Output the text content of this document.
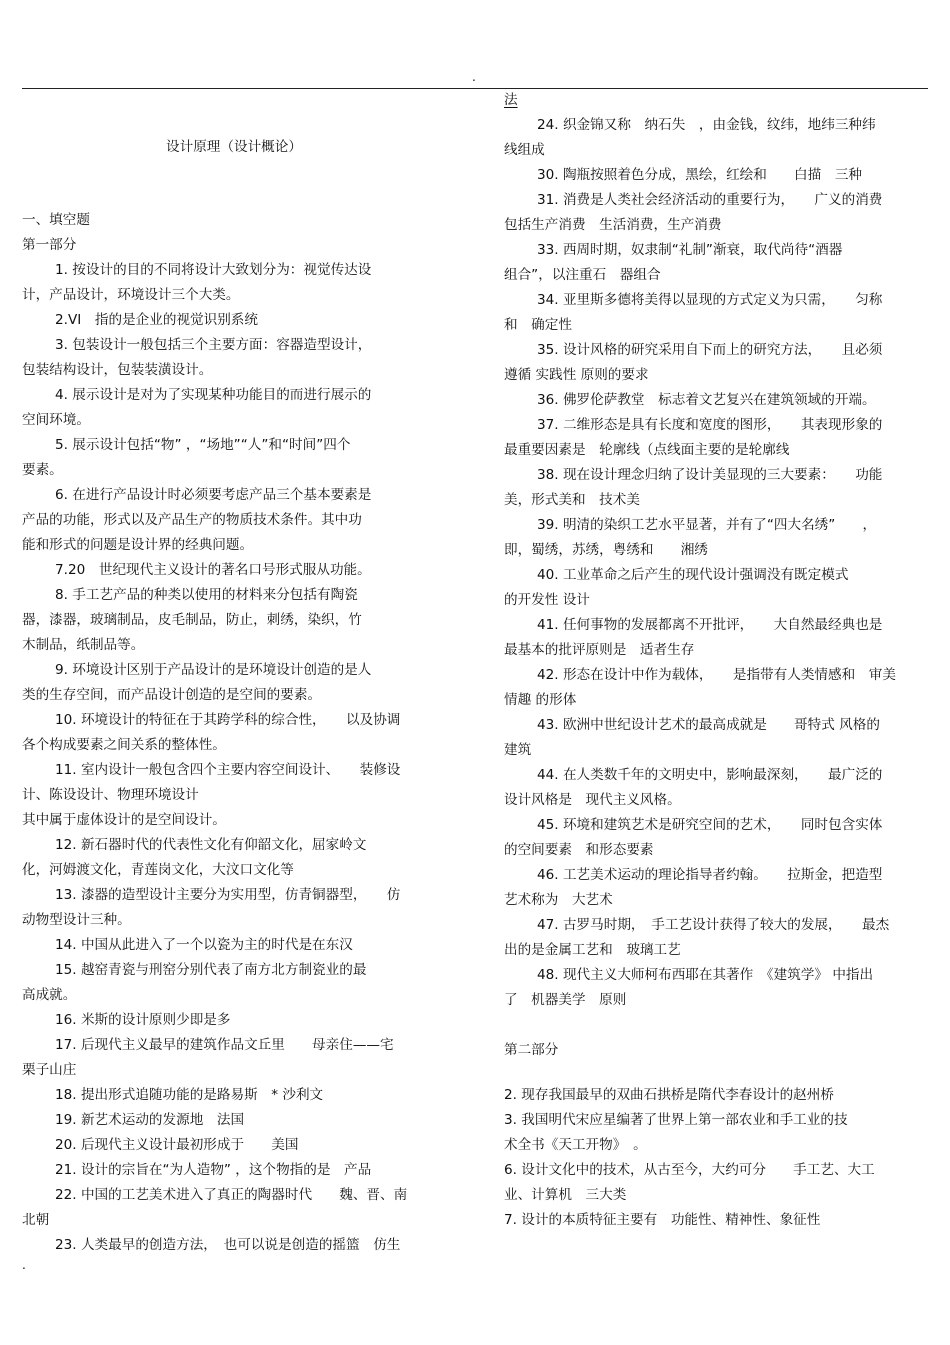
.
.
设计原理（设计概论）
一、填空题
第一部分
1. 按设计的目的不同将设计大致划分为：视觉传达设
计，产品设计，环境设计三个大类。
2.VI　指的是企业的视觉识别系统
3. 包装设计一般包括三个主要方面：容器造型设计，
包装结构设计，包装装潢设计。
4. 展示设计是对为了实现某种功能目的而进行展示的
空间环境。
5. 展示设计包括“物” ，“场地”“人”和“时间”四个
要素。
6. 在进行产品设计时必须要考虑产品三个基本要素是
产品的功能，形式以及产品生产的物质技术条件。其中功
能和形式的问题是设计界的经典问题。
7.20　世纪现代主义设计的著名口号形式服从功能。
8. 手工艺产品的种类以使用的材料来分包括有陶瓷
器，漆器，玻璃制品，皮毛制品，防止，刺绣，染织，竹
木制品，纸制品等。
9. 环境设计区别于产品设计的是环境设计创造的是人
类的生存空间，而产品设计创造的是空间的要素。
10. 环境设计的特征在于其跨学科的综合性，　　以及协调
各个构成要素之间关系的整体性。
11. 室内设计一般包含四个主要内容空间设计、　　装修设
计、陈设设计、物理环境设计
其中属于虚体设计的是空间设计。
12. 新石器时代的代表性文化有仰韶文化，屈家岭文
化，河姆渡文化，青莲岗文化，大汶口文化等
13. 漆器的造型设计主要分为实用型，仿青铜器型，　　仿
动物型设计三种。
14. 中国从此进入了一个以瓷为主的时代是在东汉
15. 越窑青瓷与刑窑分别代表了南方北方制瓷业的最
高成就。
16. 米斯的设计原则少即是多
17. 后现代主义最早的建筑作品文丘里　　母亲住——宅
栗子山庄
18. 提出形式追随功能的是路易斯　* 沙利文
19. 新艺术运动的发源地　法国
20. 后现代主义设计最初形成于　　美国
21. 设计的宗旨在“为人造物” ，这个物指的是　产品
22. 中国的工艺美术进入了真正的陶器时代　　魏、晋、南
北朝
23. 人类最早的创造方法，　也可以说是创造的摇篮　仿生
法
24. 织金锦又称　纳石失　，由金钱，纹纬，地纬三种纬
线组成
30. 陶瓶按照着色分成，黑绘，红绘和　　白描　三种
31. 消费是人类社会经济活动的重要行为，　　广义的消费
包括生产消费　生活消费，生产消费
33. 西周时期，奴隶制“礼制”渐衰，取代尚待“酒器
组合”，以注重石　器组合
34. 亚里斯多德将美得以显现的方式定义为只需，　　匀称
和　确定性
35. 设计风格的研究采用自下而上的研究方法，　　且必须
遵循 实践性 原则的要求
36. 佛罗伦萨教堂　标志着文艺复兴在建筑领域的开端。
37. 二维形态是具有长度和宽度的图形，　　其表现形象的
最重要因素是　轮廓线（点线面主要的是轮廓线
38. 现在设计理念归纳了设计美显现的三大要素：　　功能
美，形式美和　技术美
39. 明清的染织工艺水平显著，并有了“四大名绣”　　，
即，蜀绣，苏绣，粤绣和　　湘绣
40. 工业革命之后产生的现代设计强调没有既定模式
的开发性 设计
41. 任何事物的发展都离不开批评，　　大自然最经典也是
最基本的批评原则是　适者生存
42. 形态在设计中作为载体，　　是指带有人类情感和　审美
情趣 的形体
43. 欧洲中世纪设计艺术的最高成就是　　哥特式 风格的
建筑
44. 在人类数千年的文明史中，影响最深刻，　　最广泛的
设计风格是　现代主义风格。
45. 环境和建筑艺术是研究空间的艺术，　　同时包含实体
的空间要素　和形态要素
46. 工艺美术运动的理论指导者约翰。　　拉斯金，把造型
艺术称为　大艺术
47. 古罗马时期，　手工艺设计获得了较大的发展，　　最杰
出的是金属工艺和　玻璃工艺
48. 现代主义大师柯布西耶在其著作　《建筑学》 中指出
了　机器美学　原则
第二部分
2. 现存我国最早的双曲石拱桥是隋代李春设计的赵州桥
3. 我国明代宋应星编著了世界上第一部农业和手工业的技
术全书《天工开物》　。
6. 设计文化中的技术，从古至今，大约可分　　手工艺、大工
业、计算机　三大类
7. 设计的本质特征主要有　功能性、精神性、象征性
